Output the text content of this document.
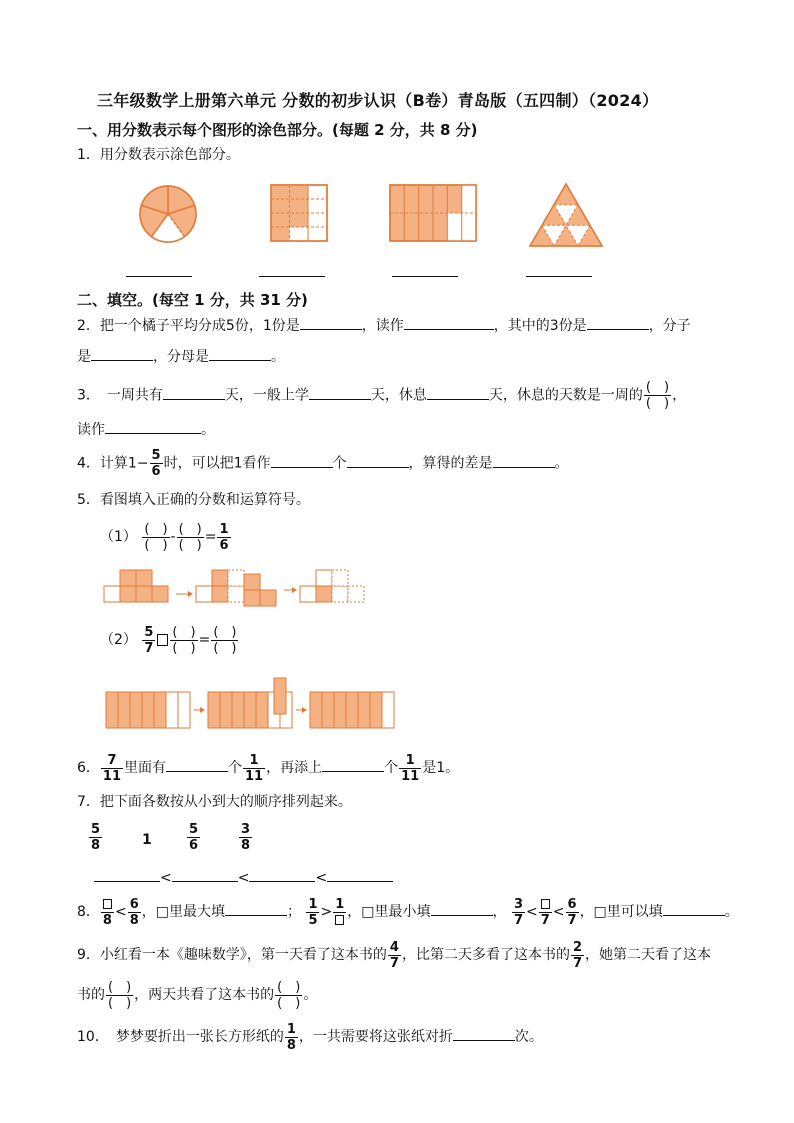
三年级数学上册第六单元 分数的初步认识（B卷）青岛版（五四制）（2024）
一、用分数表示每个图形的涂色部分。(每题 2 分，共 8 分)
1．用分数表示涂色部分。
二、填空。(每空 1 分，共 31 分)
2．把一个橘子平均分成5份，1份是	，读作	，其中的3份是	，分子
是	，分母是	。
3．　一周共有	天，一般上学	天，休息	天，休息的天数是一周的 $\frac{( )}{( )}$ ，
读作	。
4．计算$1- \frac{5}{6}$ 时，可以把1看作	个	，算得的差是	。
5．看图填入正确的分数和运算符号。
$(1) \frac{( )}{( )} - \frac{( )}{( )} = \frac{1}{6}$
$(2) \frac{5}{7} \frac{( )}{( )} = \frac{( )}{( )}$
6． $\frac{7}{11}$ 里面有	个 $\frac{1}{11}$ ，再添上	个 $\frac{1}{11}$ 是1。
7．把下面各数按从小到大的顺序排列起来。
$\frac{5}{8}$	1	$\frac{5}{6}$	$\frac{3}{8}$
<	<	<
8． $8 < \frac{6}{8}$ ，□里最大填	； $\frac{1}{5} > 1$ ，□里最小填	， $\frac{3}{7} < 7 < \frac{6}{7}$ ，□里可以填	。
9．小红看一本《趣味数学》，第一天看了这本书的 $\frac{4}{7}$ ，比第二天多看了这本书的 $\frac{2}{7}$ ，她第二天看了这本
书的 $\frac{( )}{( )}$ ，两天共看了这本书的 $\frac{( )}{( )}$ 。
10．　梦梦要折出一张长方形纸的 $\frac{1}{8}$ ，一共需要将这张纸对折	次。
